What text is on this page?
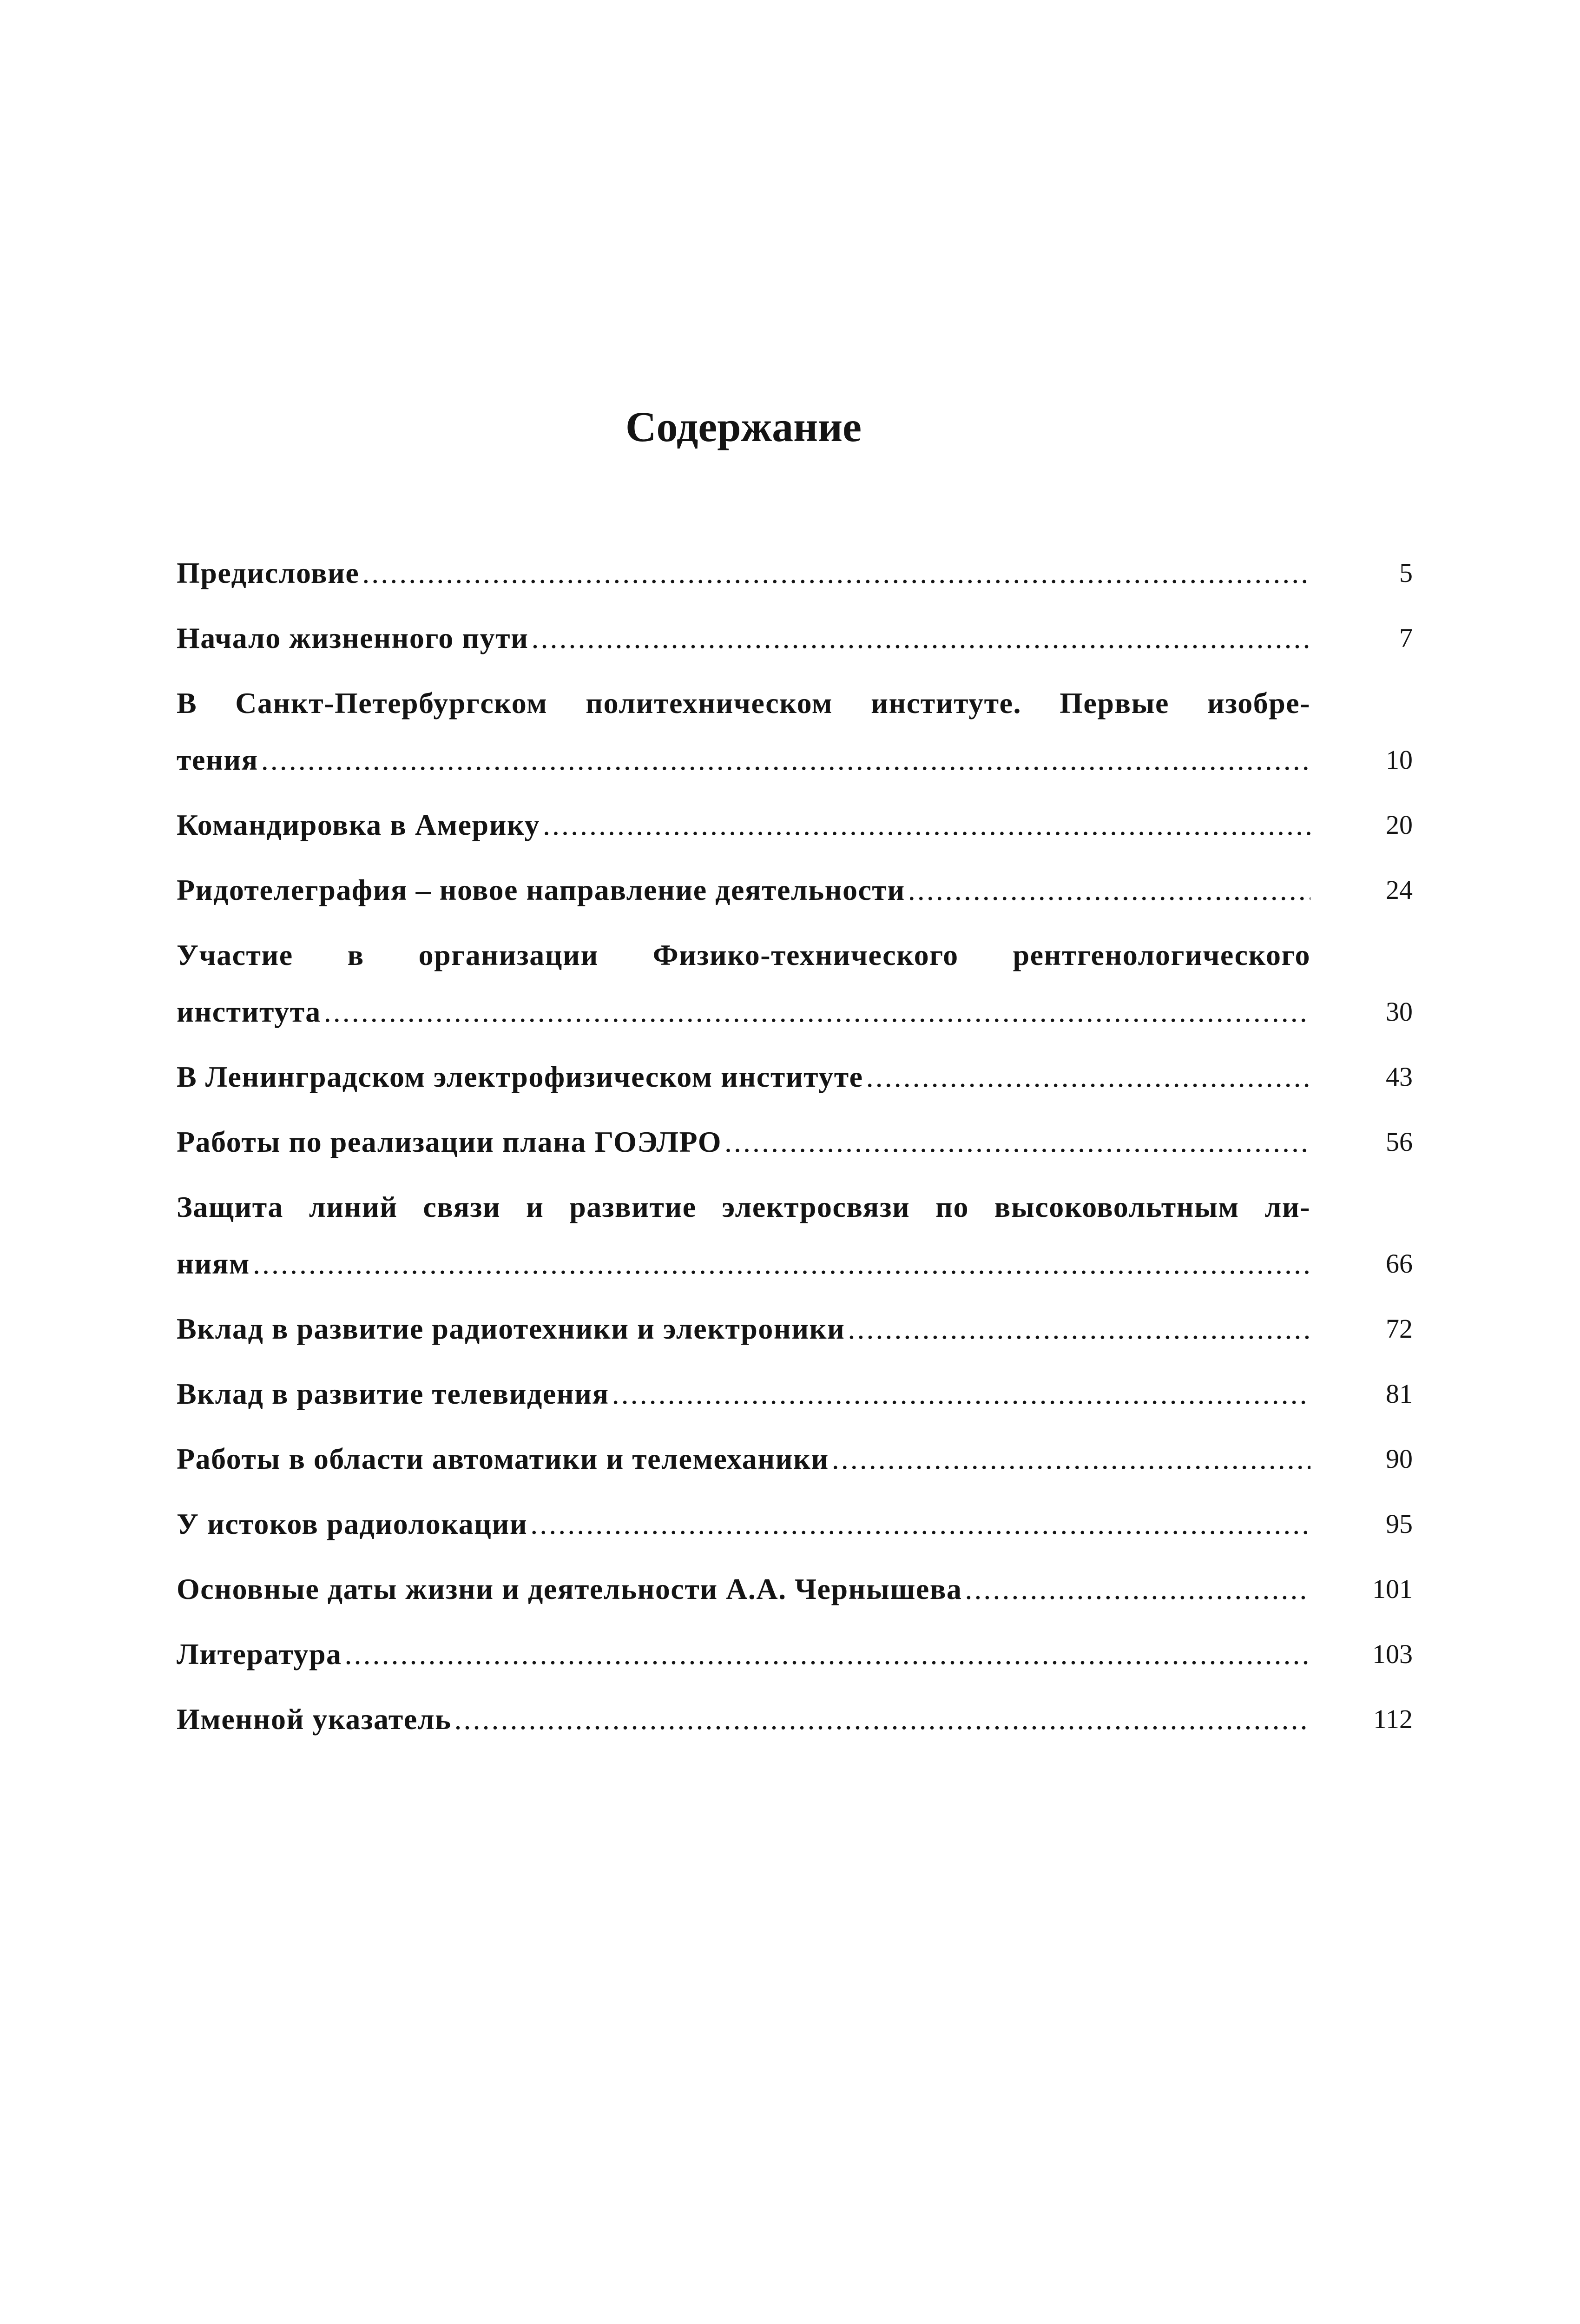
Содержание
Предисловие .....	5
Начало жизненного пути .....	7
В Санкт-Петербургском политехническом институте. Первые изобре-
тения .....	10
Командировка в Америку .....	20
Ридотелеграфия – новое направление деятельности .....	24
Участие в организации Физико-технического рентгенологического
института .....	30
В Ленинградском электрофизическом институте .....	43
Работы по реализации плана ГОЭЛРО .....	56
Защита линий связи и развитие электросвязи по высоковольтным ли-
ниям .....	66
Вклад в развитие радиотехники и электроники .....	72
Вклад в развитие телевидения .....	81
Работы в области автоматики и телемеханики .....	90
У истоков радиолокации .....	95
Основные даты жизни и деятельности А.А. Чернышева .....	101
Литература .....	103
Именной указатель .....	112
